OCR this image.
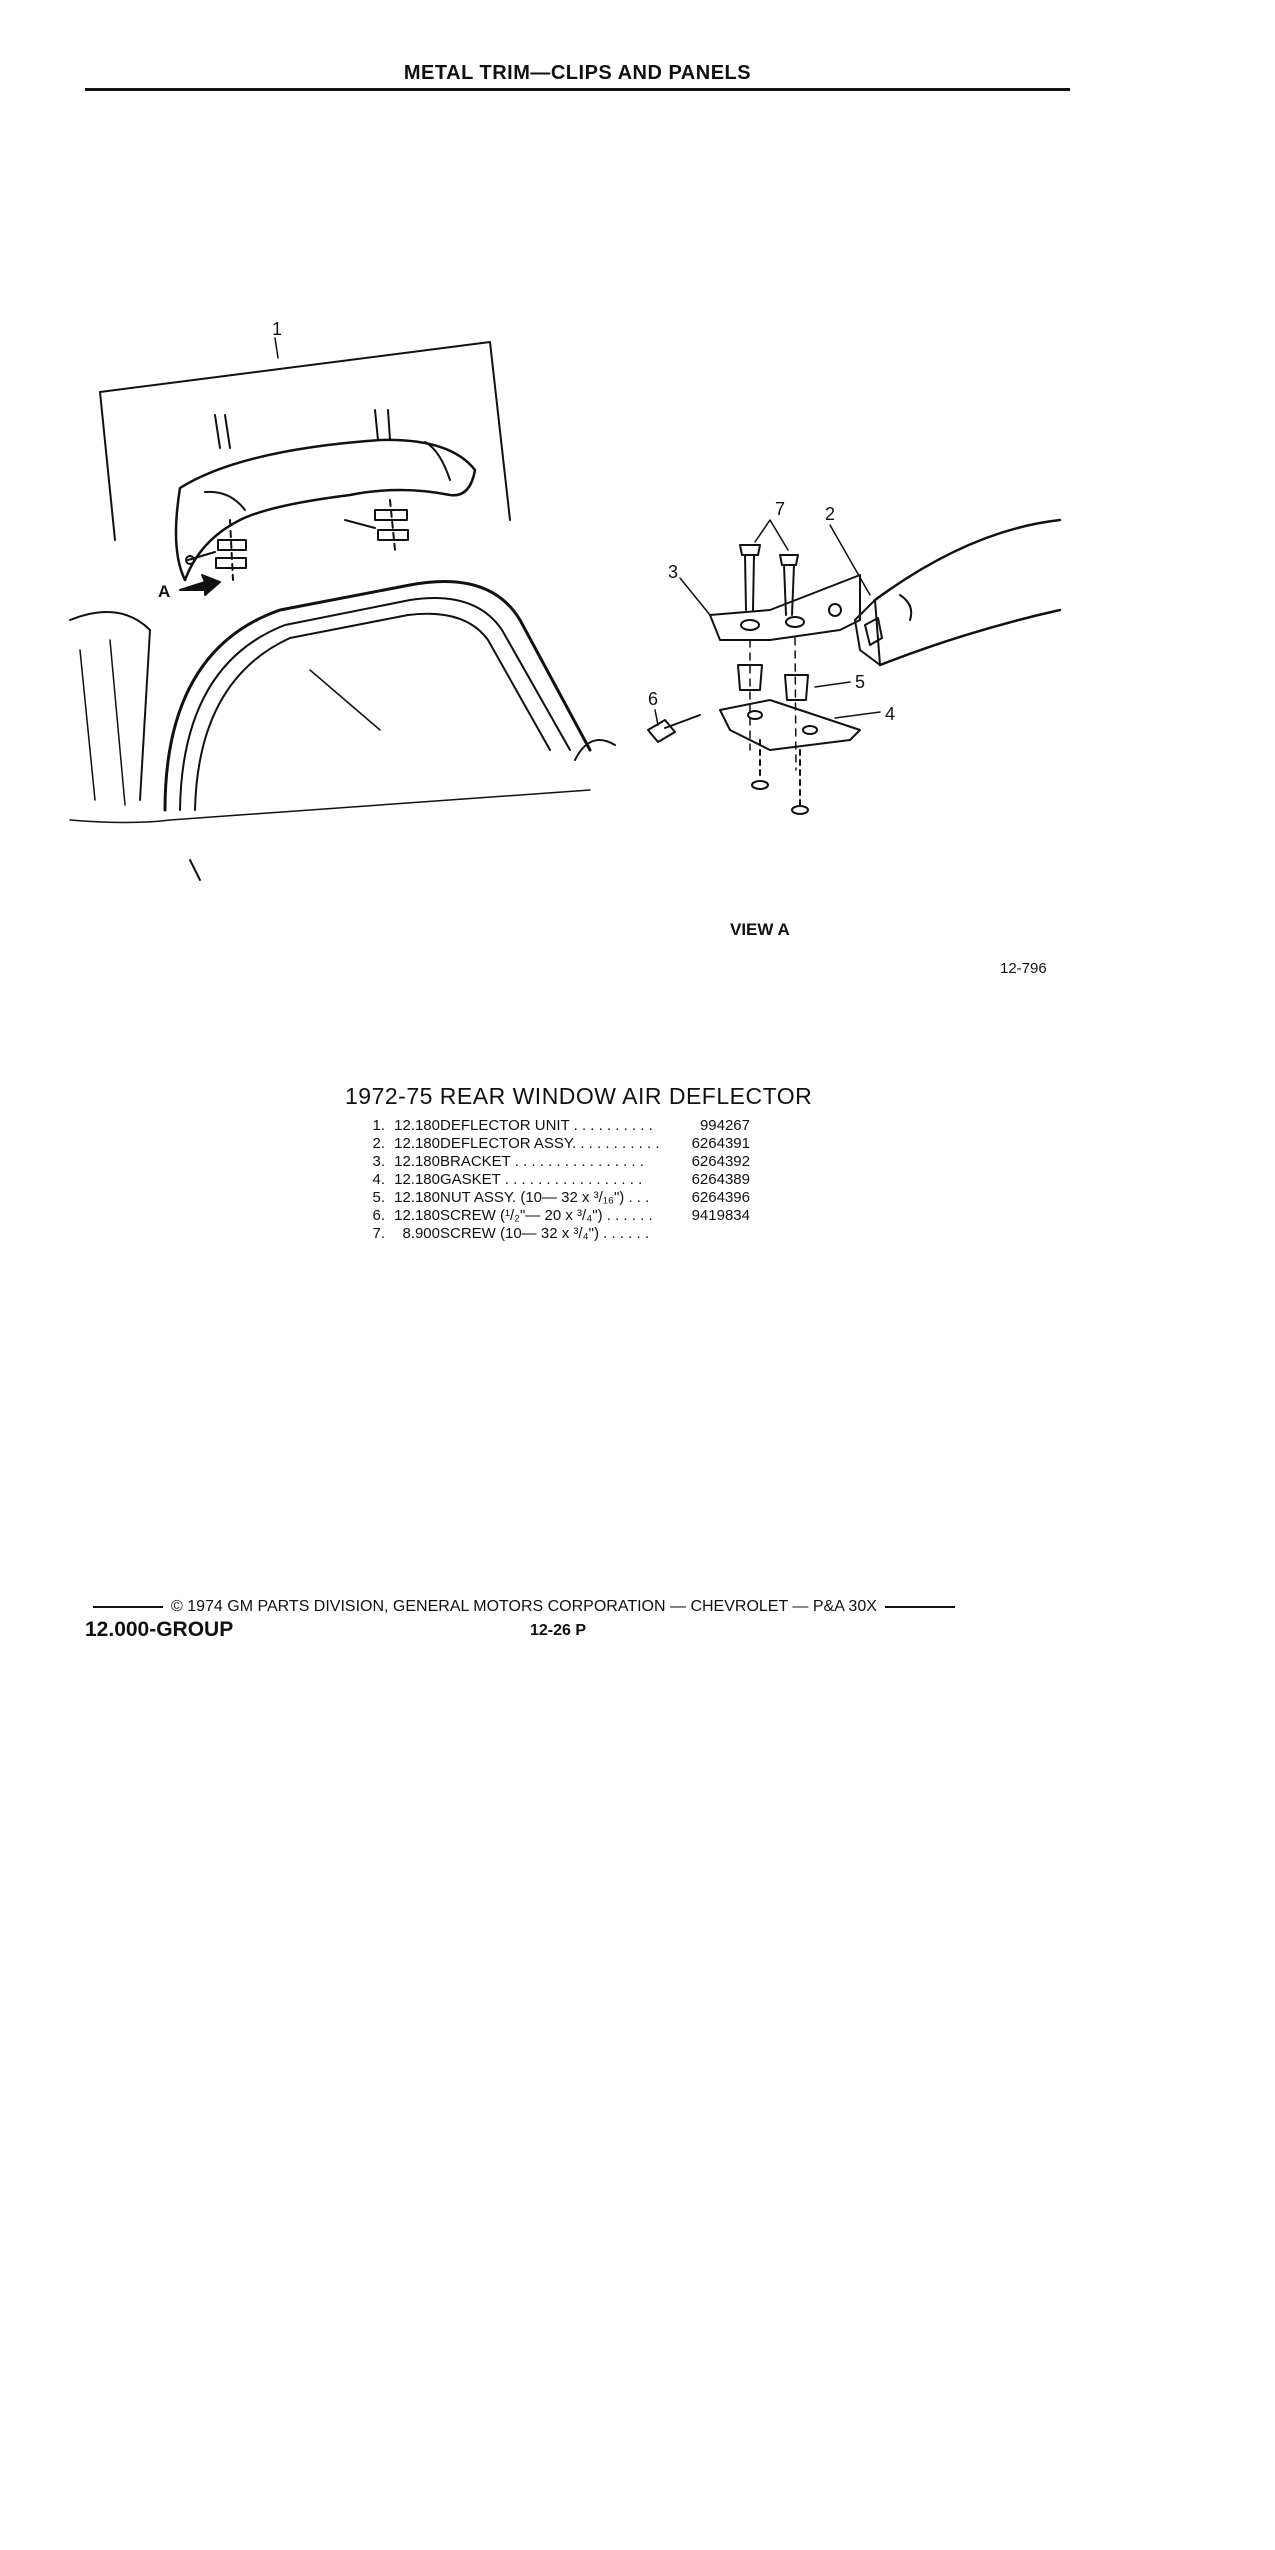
METAL TRIM—CLIPS AND PANELS
A
1
2
3
7
5
4
6
VIEW A
12-796
1972-75 REAR WINDOW AIR DEFLECTOR
1.	12.180	DEFLECTOR UNIT . . . . . . . . . .	994267
2.	12.180	DEFLECTOR ASSY. . . . . . . . . . .	6264391
3.	12.180	BRACKET . . . . . . . . . . . . . . . .	6264392
4.	12.180	GASKET . . . . . . . . . . . . . . . . .	6264389
5.	12.180	NUT ASSY. (10— 32 x ³/₁₆") . . .	6264396
6.	12.180	SCREW (¹/₂"— 20 x ³/₄") . . . . . .	9419834
7.	8.900	SCREW (10— 32 x ³/₄") . . . . . .	
© 1974 GM PARTS DIVISION, GENERAL MOTORS CORPORATION — CHEVROLET — P&A 30X
12.000-GROUP	12-26 P
